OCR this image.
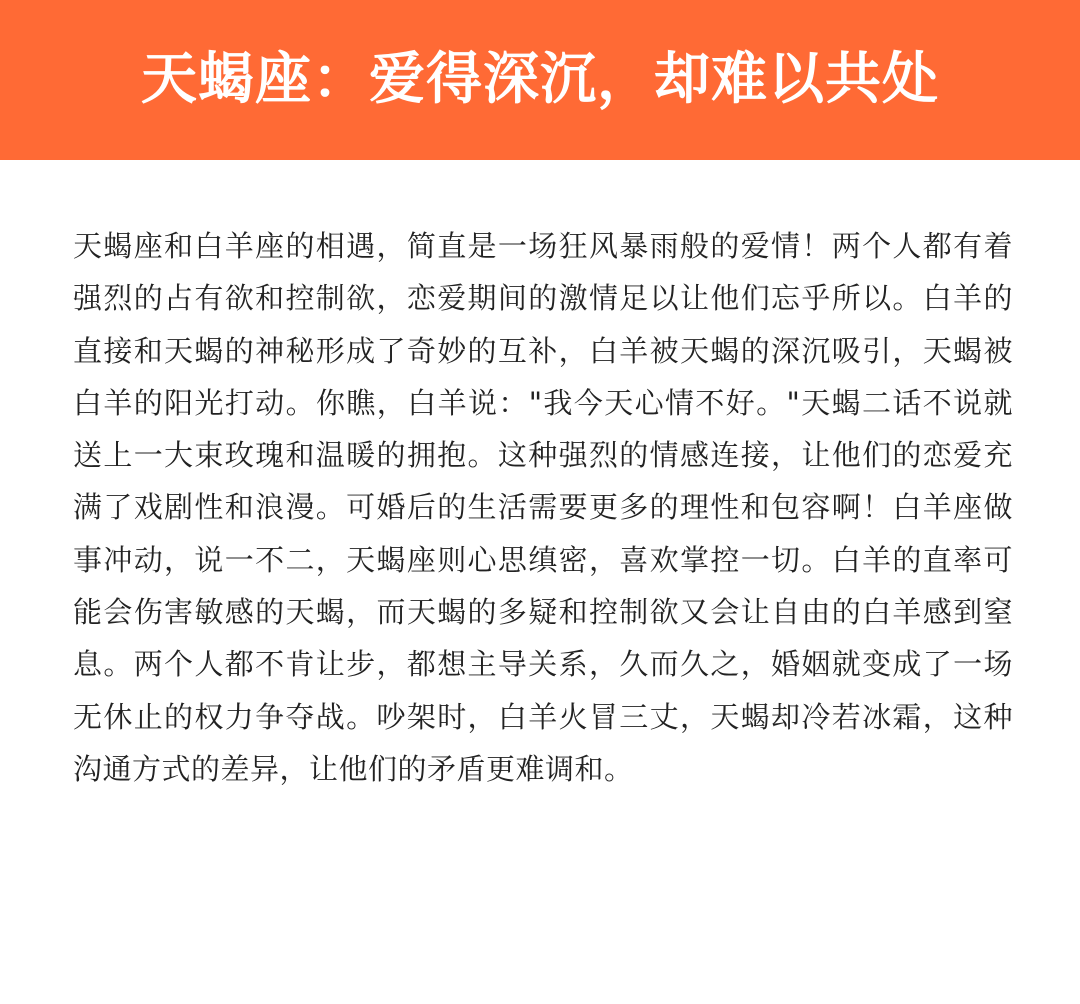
天蝎座：爱得深沉，却难以共处

天蝎座和白羊座的相遇，简直是一场狂风暴雨般的爱情！两个人都有着强烈的占有欲和控制欲，恋爱期间的激情足以让他们忘乎所以。白羊的直接和天蝎的神秘形成了奇妙的互补，白羊被天蝎的深沉吸引，天蝎被白羊的阳光打动。你瞧，白羊说："我今天心情不好。"天蝎二话不说就送上一大束玫瑰和温暖的拥抱。这种强烈的情感连接，让他们的恋爱充满了戏剧性和浪漫。可婚后的生活需要更多的理性和包容啊！白羊座做事冲动，说一不二，天蝎座则心思缜密，喜欢掌控一切。白羊的直率可能会伤害敏感的天蝎，而天蝎的多疑和控制欲又会让自由的白羊感到窒息。两个人都不肯让步，都想主导关系，久而久之，婚姻就变成了一场无休止的权力争夺战。吵架时，白羊火冒三丈，天蝎却冷若冰霜，这种沟通方式的差异，让他们的矛盾更难调和。
